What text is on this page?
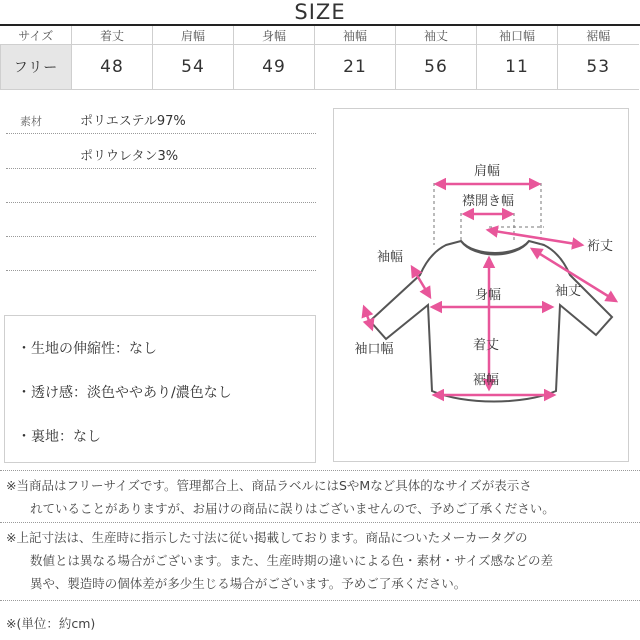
SIZE
サイズ	着丈	肩幅	身幅	袖幅	袖丈	袖口幅	裾幅
フリー	48	54	49	21	56	11	53
素材	ポリエステル97%
ポリウレタン3%
・生地の伸縮性：なし
・透け感：淡色ややあり/濃色なし
・裏地：なし
肩幅
襟開き幅
裄丈
袖幅
袖丈
身幅
袖口幅	着丈
裾幅
※当商品はフリーサイズです。管理都合上、商品ラベルにはSやMなど具体的なサイズが表示さ
れていることがありますが、お届けの商品に誤りはございませんので、予めご了承ください。
※上記寸法は、生産時に指示した寸法に従い掲載しております。商品についたメーカータグの
数値とは異なる場合がございます。また、生産時期の違いによる色・素材・サイズ感などの差
異や、製造時の個体差が多少生じる場合がございます。予めご了承ください。
※(単位：約cm)
